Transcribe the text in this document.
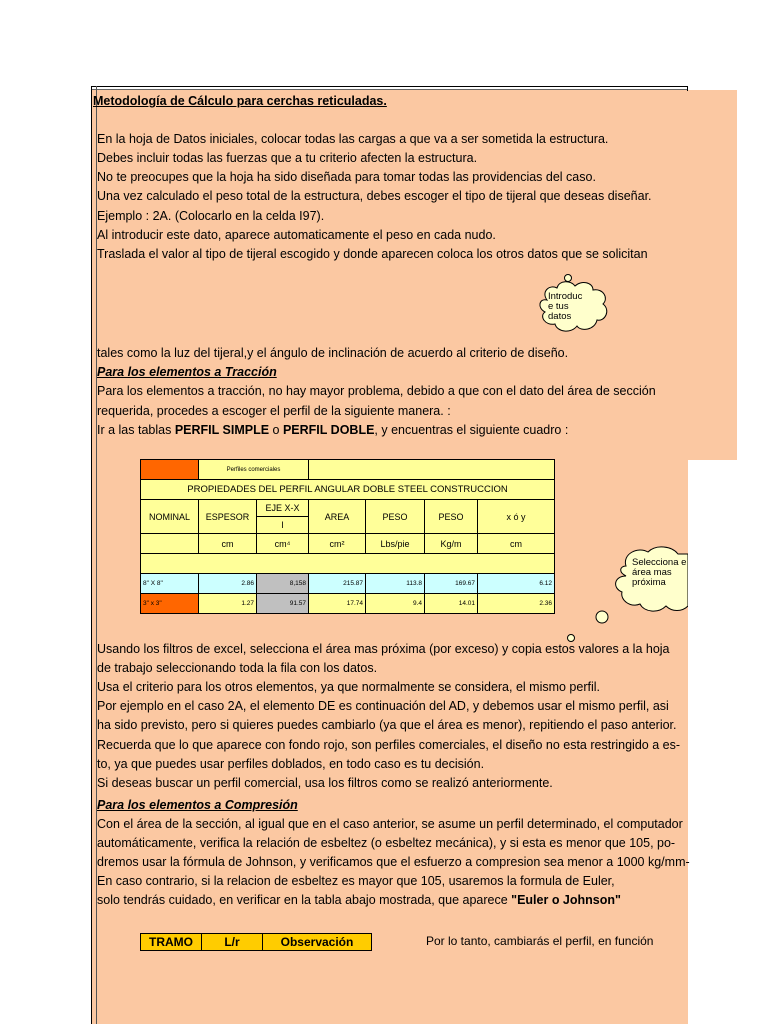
Metodología de Cálculo para cerchas reticuladas.
En la hoja de Datos iniciales, colocar todas las cargas a que va a ser sometida la estructura.
Debes incluir todas las fuerzas que a tu criterio afecten la estructura.
No te preocupes que la hoja ha sido diseñada para tomar todas las providencias del caso.
Una vez calculado el peso total de la estructura, debes escoger el tipo de tijeral que deseas diseñar.
Ejemplo : 2A. (Colocarlo en la celda I97).
Al introducir este dato, aparece automaticamente el peso en cada nudo.
Traslada el valor al tipo de tijeral escogido y donde aparecen coloca los otros datos que se solicitan
Introduc
e tus
datos
tales como la luz del tijeral,y el ángulo de inclinación de acuerdo al criterio de diseño.
Para los elementos a Tracción
Para los elementos a tracción, no hay mayor problema, debido a que con el dato del área de sección
requerida, procedes a escoger el perfil de la siguiente manera. :
Ir a las tablas PERFIL SIMPLE o PERFIL DOBLE, y encuentras el siguiente cuadro :
	Perfiles comerciales					
PROPIEDADES DEL PERFIL ANGULAR DOBLE STEEL CONSTRUCCION						
NOMINAL	ESPESOR	EJE X-X	AREA	PESO	PESO	x ó y
		I				
	cm	cm⁴	cm²	Lbs/pie	Kg/m	cm

8" X 8"	2.86	8,158	215.87	113.8	169.67	6.12
3" x 3"	1.27	91.57	17.74	9.4	14.01	2.36
Selecciona e
área mas
próxima
Usando los filtros de excel, selecciona el área mas próxima (por exceso) y copia estos valores a la hoja
de trabajo seleccionando toda la fila con los datos.
Usa el criterio para los otros elementos, ya que normalmente se considera, el mismo perfil.
Por ejemplo en el caso 2A, el elemento DE es continuación del AD, y debemos usar el mismo perfil, asi
ha sido previsto, pero si quieres puedes cambiarlo (ya que el área es menor), repitiendo el paso anterior.
Recuerda que lo que aparece con fondo rojo, son perfiles comerciales, el diseño no esta restringido a es-
to, ya que puedes usar perfiles doblados, en todo caso es tu decisión.
Si deseas buscar un perfil comercial, usa los filtros como se realizó anteriormente.
Para los elementos a Compresión
Con el área de la sección, al igual que en el caso anterior, se asume un perfil determinado, el computador
automáticamente, verifica la relación de esbeltez (o esbeltez mecánica), y si esta es menor que 105, po-
dremos usar la fórmula de Johnson, y verificamos que el esfuerzo a compresion sea menor a 1000 kg/mm-
En caso contrario, si la relacion de esbeltez es mayor que 105, usaremos la formula de Euler,
solo tendrás cuidado, en verificar en la tabla abajo mostrada, que aparece "Euler o Johnson"
TRAMO	L/r	Observación	Por lo tanto, cambiarás el perfil, en función
